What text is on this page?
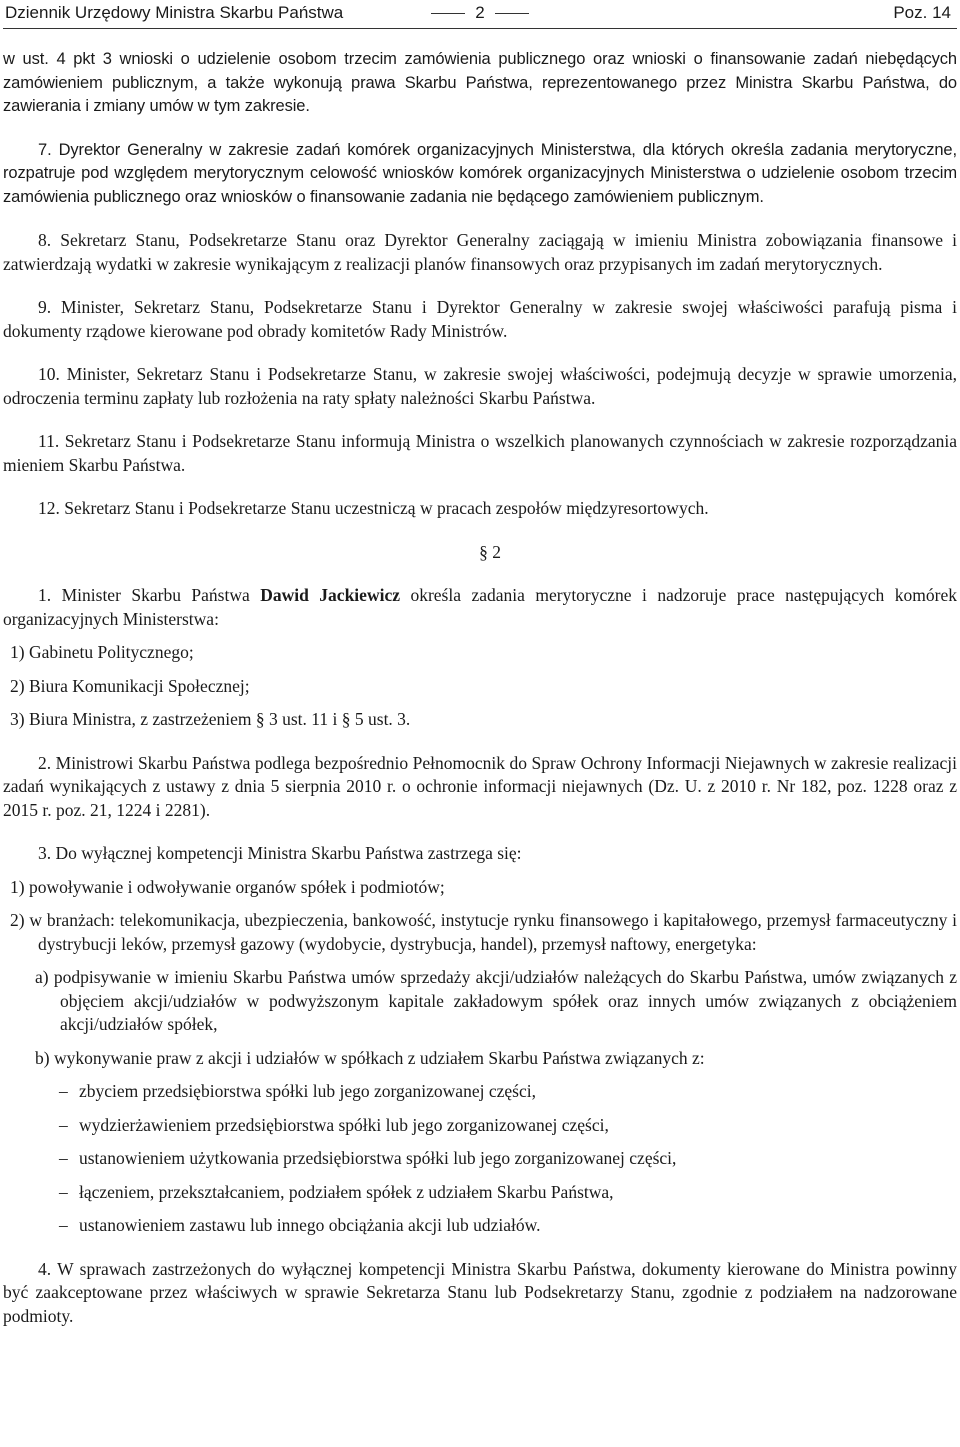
Dziennik Urzędowy Ministra Skarbu Państwa	2	Poz. 14

w ust. 4 pkt 3 wnioski o udzielenie osobom trzecim zamówienia publicznego oraz wnioski o finansowanie zadań niebędących zamówieniem publicznym, a także wykonują prawa Skarbu Państwa, reprezentowanego przez Ministra Skarbu Państwa, do zawierania i zmiany umów w tym zakresie.

7. Dyrektor Generalny w zakresie zadań komórek organizacyjnych Ministerstwa, dla których określa zadania merytoryczne, rozpatruje pod względem merytorycznym celowość wniosków komórek organizacyjnych Ministerstwa o udzielenie osobom trzecim zamówienia publicznego oraz wniosków o finansowanie zadania nie będącego zamówieniem publicznym.

8. Sekretarz Stanu, Podsekretarze Stanu oraz Dyrektor Generalny zaciągają w imieniu Ministra zobowiązania finansowe i zatwierdzają wydatki w zakresie wynikającym z realizacji planów finansowych oraz przypisanych im zadań merytorycznych.

9. Minister, Sekretarz Stanu, Podsekretarze Stanu i Dyrektor Generalny w zakresie swojej właściwości parafują pisma i dokumenty rządowe kierowane pod obrady komitetów Rady Ministrów.

10. Minister, Sekretarz Stanu i Podsekretarze Stanu, w zakresie swojej właściwości, podejmują decyzje w sprawie umorzenia, odroczenia terminu zapłaty lub rozłożenia na raty spłaty należności Skarbu Państwa.

11. Sekretarz Stanu i Podsekretarze Stanu informują Ministra o wszelkich planowanych czynnościach w zakresie rozporządzania mieniem Skarbu Państwa.

12. Sekretarz Stanu i Podsekretarze Stanu uczestniczą w pracach zespołów międzyresortowych.

§ 2

1. Minister Skarbu Państwa Dawid Jackiewicz określa zadania merytoryczne i nadzoruje prace następujących komórek organizacyjnych Ministerstwa:

1) Gabinetu Politycznego;

2) Biura Komunikacji Społecznej;

3) Biura Ministra, z zastrzeżeniem § 3 ust. 11 i § 5 ust. 3.

2. Ministrowi Skarbu Państwa podlega bezpośrednio Pełnomocnik do Spraw Ochrony Informacji Niejawnych w zakresie realizacji zadań wynikających z ustawy z dnia 5 sierpnia 2010 r. o ochronie informacji niejawnych (Dz. U. z 2010 r. Nr 182, poz. 1228 oraz z 2015 r. poz. 21, 1224 i 2281).

3. Do wyłącznej kompetencji Ministra Skarbu Państwa zastrzega się:

1) powoływanie i odwoływanie organów spółek i podmiotów;

2) w branżach: telekomunikacja, ubezpieczenia, bankowość, instytucje rynku finansowego i kapitałowego, przemysł farmaceutyczny i dystrybucji leków, przemysł gazowy (wydobycie, dystrybucja, handel), przemysł naftowy, energetyka:

a) podpisywanie w imieniu Skarbu Państwa umów sprzedaży akcji/udziałów należących do Skarbu Państwa, umów związanych z objęciem akcji/udziałów w podwyższonym kapitale zakładowym spółek oraz innych umów związanych z obciążeniem akcji/udziałów spółek,

b) wykonywanie praw z akcji i udziałów w spółkach z udziałem Skarbu Państwa związanych z:

– zbyciem przedsiębiorstwa spółki lub jego zorganizowanej części,

– wydzierżawieniem przedsiębiorstwa spółki lub jego zorganizowanej części,

– ustanowieniem użytkowania przedsiębiorstwa spółki lub jego zorganizowanej części,

– łączeniem, przekształcaniem, podziałem spółek z udziałem Skarbu Państwa,

– ustanowieniem zastawu lub innego obciążania akcji lub udziałów.

4. W sprawach zastrzeżonych do wyłącznej kompetencji Ministra Skarbu Państwa, dokumenty kierowane do Ministra powinny być zaakceptowane przez właściwych w sprawie Sekretarza Stanu lub Podsekretarzy Stanu, zgodnie z podziałem na nadzorowane podmioty.
